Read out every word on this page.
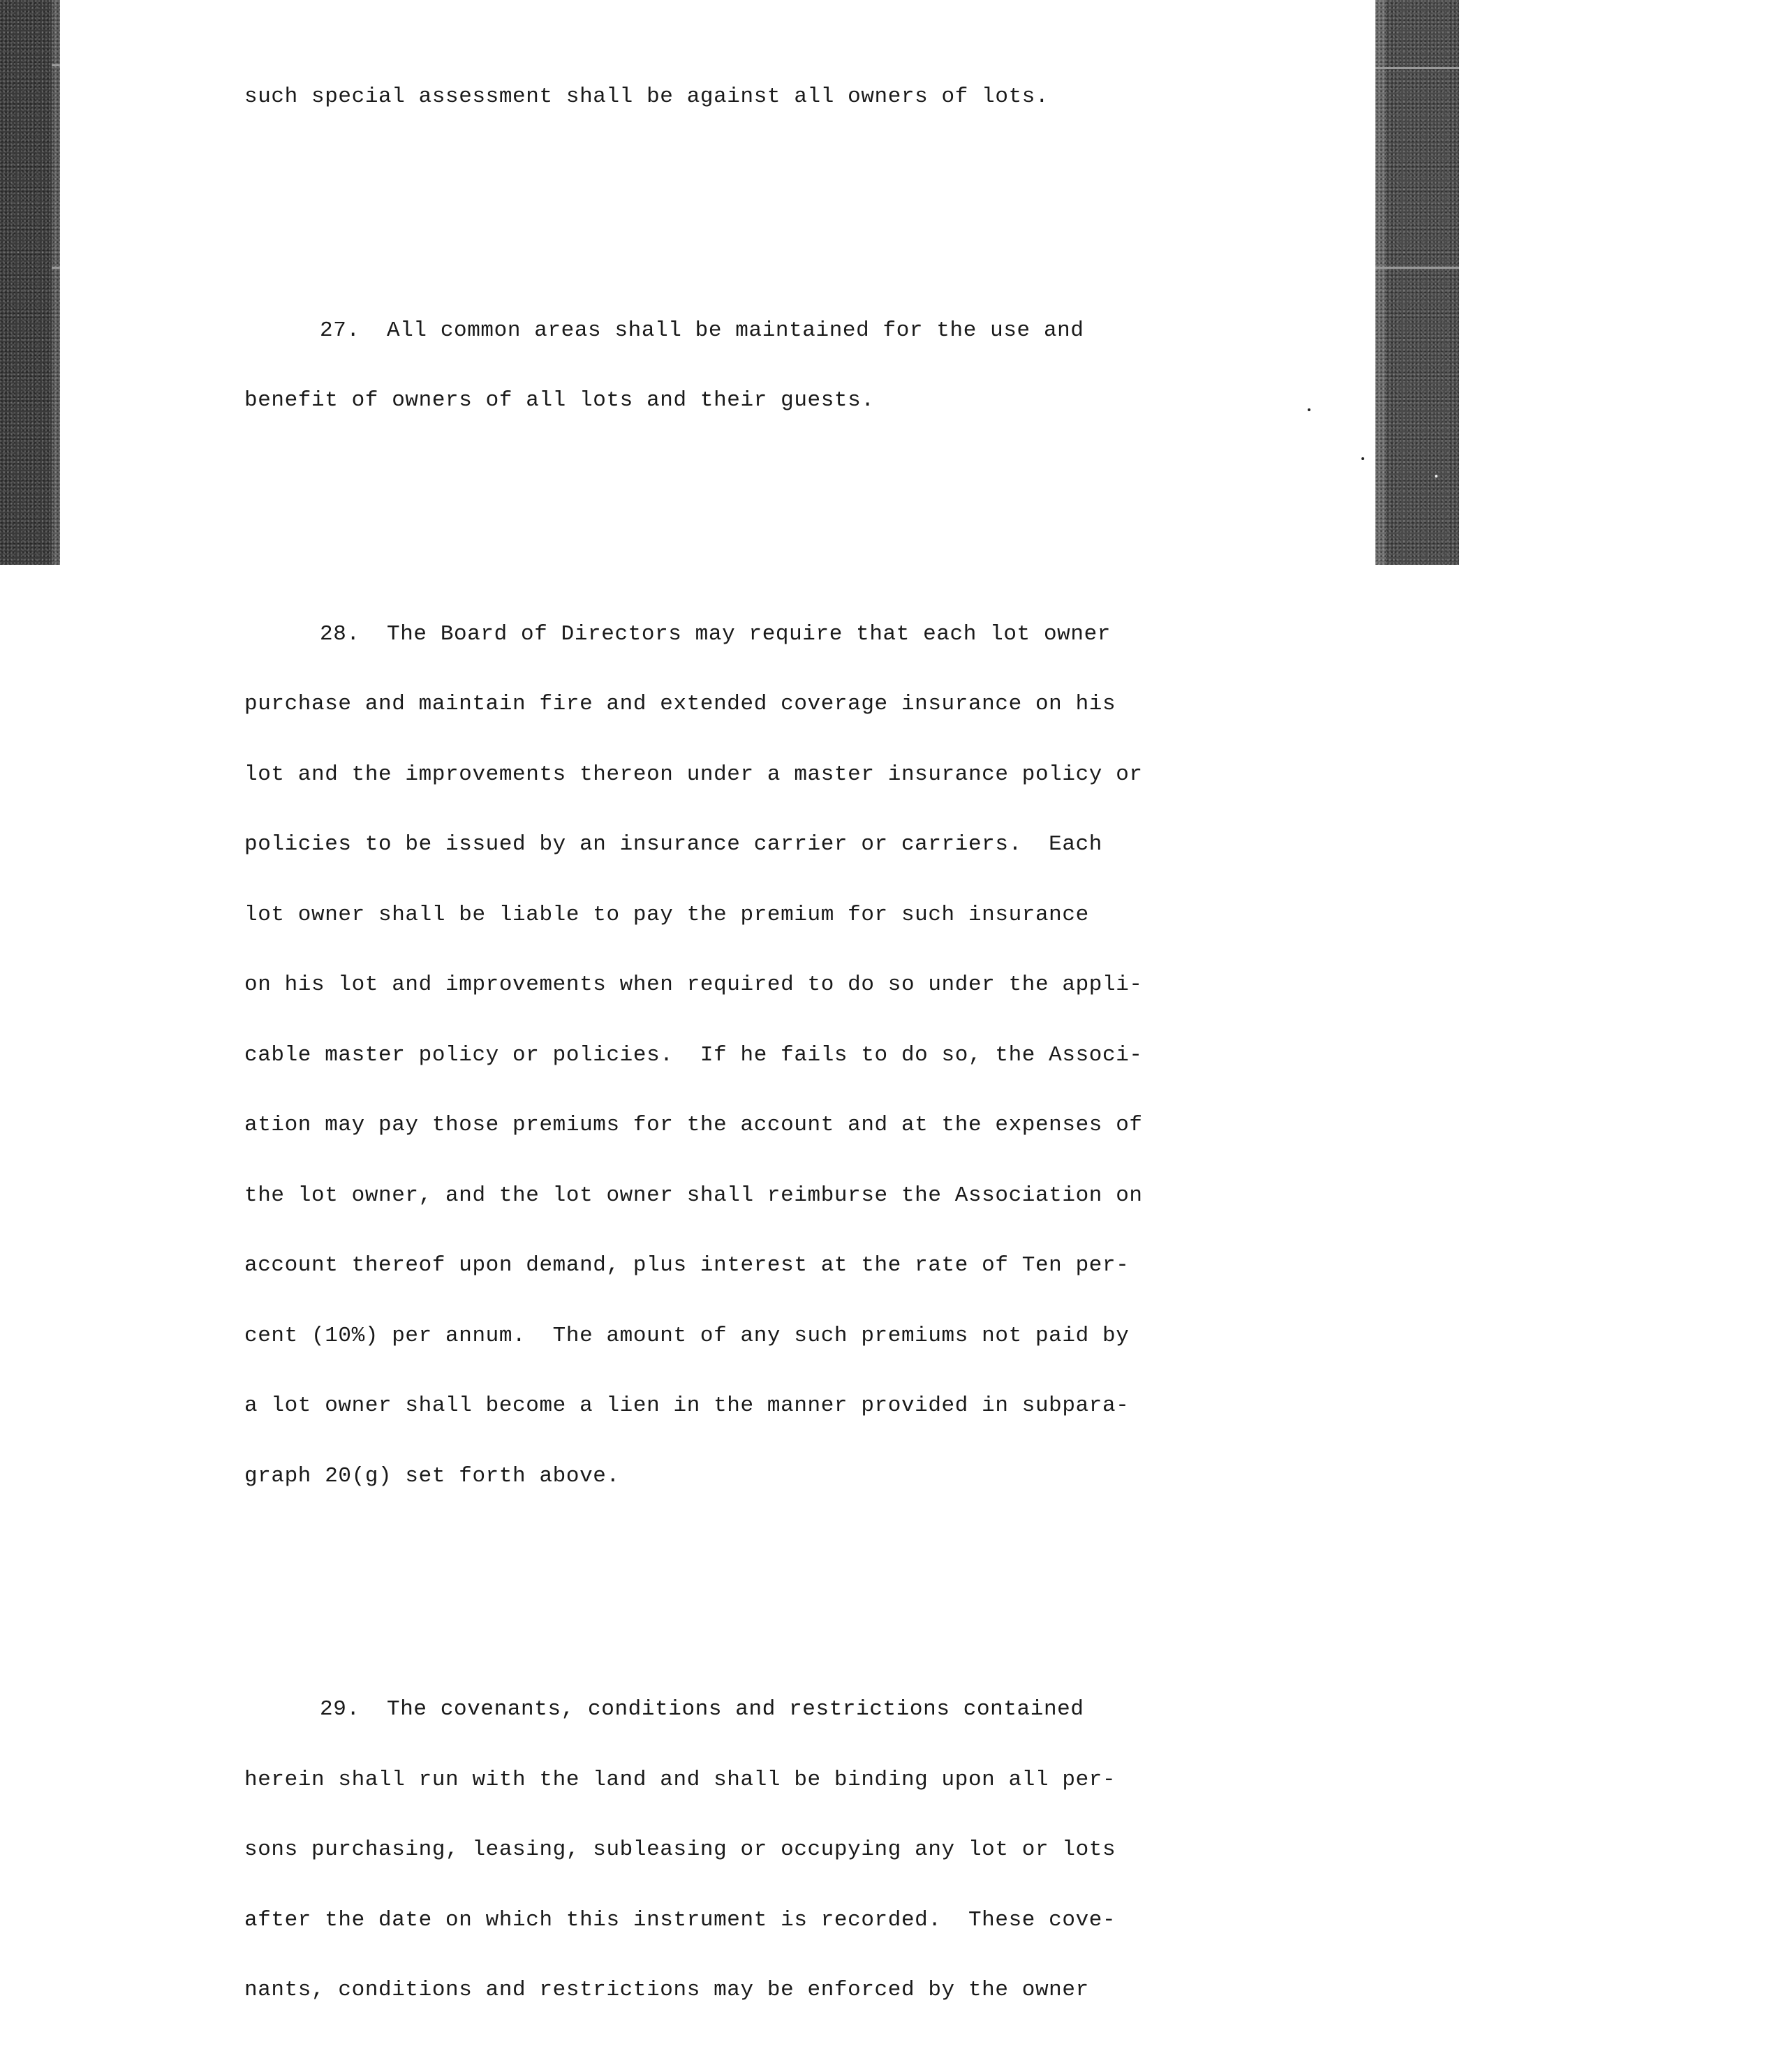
such special assessment shall be against all owners of lots.

27.  All common areas shall be maintained for the use and

benefit of owners of all lots and their guests.

28.  The Board of Directors may require that each lot owner

purchase and maintain fire and extended coverage insurance on his

lot and the improvements thereon under a master insurance policy or

policies to be issued by an insurance carrier or carriers.  Each

lot owner shall be liable to pay the premium for such insurance

on his lot and improvements when required to do so under the appli-

cable master policy or policies.  If he fails to do so, the Associ-

ation may pay those premiums for the account and at the expenses of

the lot owner, and the lot owner shall reimburse the Association on

account thereof upon demand, plus interest at the rate of Ten per-

cent (10%) per annum.  The amount of any such premiums not paid by

a lot owner shall become a lien in the manner provided in subpara-

graph 20(g) set forth above.

29.  The covenants, conditions and restrictions contained

herein shall run with the land and shall be binding upon all per-

sons purchasing, leasing, subleasing or occupying any lot or lots

after the date on which this instrument is recorded.  These cove-

nants, conditions and restrictions may be enforced by the owner
